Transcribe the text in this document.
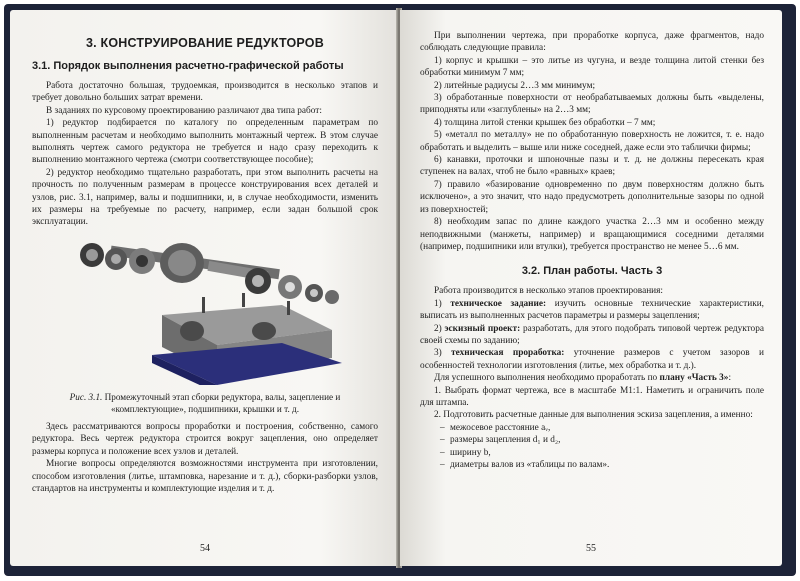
3. КОНСТРУИРОВАНИЕ РЕДУКТОРОВ
3.1. Порядок выполнения расчетно-графической работы

Работа достаточно большая, трудоемкая, производится в несколько этапов и требует довольно больших затрат времени.

В заданиях по курсовому проектированию различают два типа работ:

1) редуктор подбирается по каталогу по определенным параметрам по выполненным расчетам и необходимо выполнить монтажный чертеж. В этом случае выполнять чертеж самого редуктора не требуется и надо сразу переходить к выполнению монтажного чертежа (смотри соответствующее пособие);

2) редуктор необходимо тщательно разработать, при этом выполнить расчеты на прочность по полученным размерам в процессе конструирования всех деталей и узлов, рис. 3.1, например, валы и подшипники, и, в случае необходимости, изменить их размеры на требуемые по расчету, например, если задан большой срок эксплуатации.

Рис. 3.1. Промежуточный этап сборки редуктора, валы, зацепление и «комплектующие», подшипники, крышки и т. д.

Здесь рассматриваются вопросы проработки и построения, собственно, самого редуктора. Весь чертеж редуктора строится вокруг зацепления, оно определяет размеры корпуса и положение всех узлов и деталей.

Многие вопросы определяются возможностями инструмента при изготовлении, способом изготовления (литье, штамповка, нарезание и т. д.), сборки-разборки узлов, стандартов на инструменты и комплектующие изделия и т. д.

54

При выполнении чертежа, при проработке корпуса, даже фрагментов, надо соблюдать следующие правила:

1) корпус и крышки – это литье из чугуна, и везде толщина литой стенки без обработки минимум 7 мм;

2) литейные радиусы 2…3 мм минимум;

3) обработанные поверхности от необрабатываемых должны быть «выделены, приподняты или «заглублены» на 2…3 мм;

4) толщина литой стенки крышек без обработки – 7 мм;

5) «металл по металлу» не по обработанную поверхность не ложится, т. е. надо обработать и выделить – выше или ниже соседней, даже если это таблички фирмы;

6) канавки, проточки и шпоночные пазы и т. д. не должны пересекать края ступенек на валах, чтоб не было «равных» краев;

7) правило «базирование одновременно по двум поверхностям должно быть исключено», а это значит, что надо предусмотреть дополнительные зазоры по одной из поверхностей;

8) необходим запас по длине каждого участка 2…3 мм и особенно между неподвижными (манжеты, например) и вращающимися соседними деталями (например, подшипники или втулки), требуется пространство не менее 5…6 мм.

3.2. План работы. Часть 3

Работа производится в несколько этапов проектирования:

1) техническое задание: изучить основные технические характеристики, выписать из выполненных расчетов параметры и размеры зацепления;

2) эскизный проект: разработать, для этого подобрать типовой чертеж редуктора своей схемы по заданию;

3) техническая проработка: уточнение размеров с учетом зазоров и особенностей технологии изготовления (литье, мех обработка и т. д.).

Для успешного выполнения необходимо проработать по плану «Часть 3»:

1. Выбрать формат чертежа, все в масштабе М1:1. Наметить и ограничить поле для штампа.

2. Подготовить расчетные данные для выполнения эскиза зацепления, а именно:

– межосевое расстояние aᵥ,
– размеры зацепления d₁ и d₂,
– ширину b,
– диаметры валов из «таблицы по валам».
55
